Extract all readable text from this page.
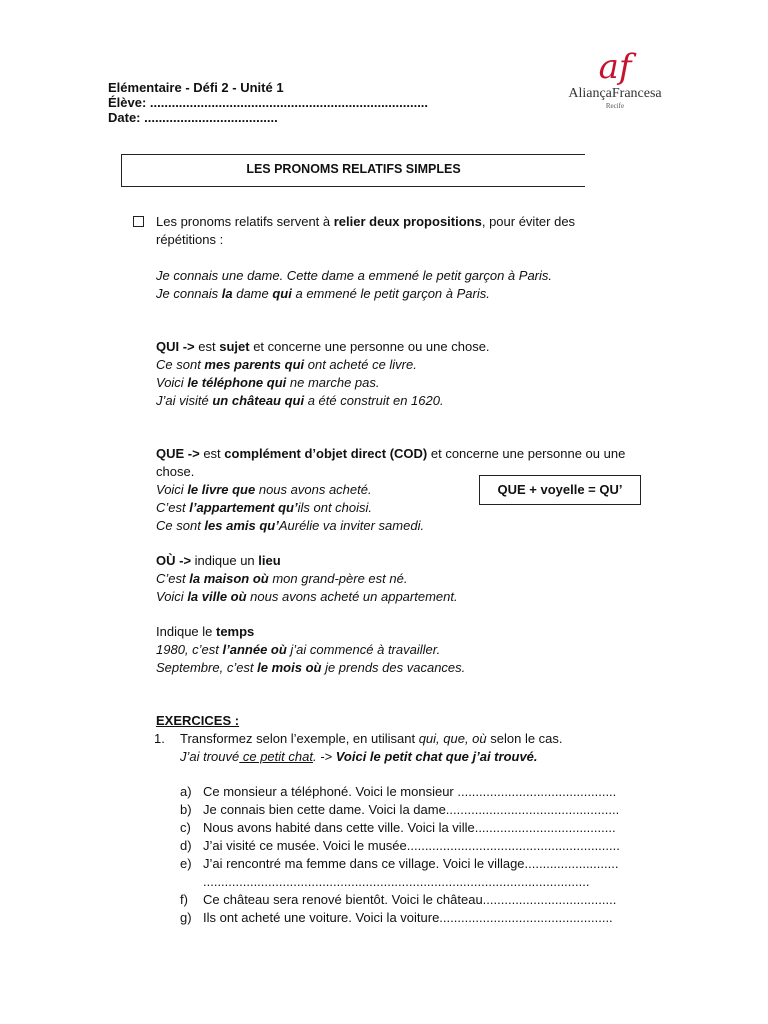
Elémentaire - Défi 2 - Unité 1
Élève: .............................................................................
Date: .....................................
af
AliançaFrancesa
Recife
LES PRONOMS RELATIFS SIMPLES
Les pronoms relatifs servent à relier deux propositions, pour éviter des
répétitions :
Je connais une dame. Cette dame a emmené le petit garçon à Paris.
Je connais la dame qui a emmené le petit garçon à Paris.
QUI -> est sujet et concerne une personne ou une chose.
Ce sont mes parents qui ont acheté ce livre.
Voici le téléphone qui ne marche pas.
J’ai visité un château qui a été construit en 1620.
QUE -> est complément d’objet direct (COD) et concerne une personne ou une
chose.
Voici le livre que nous avons acheté.
C’est l’appartement qu’ils ont choisi.
Ce sont les amis qu’Aurélie va inviter samedi.
QUE + voyelle = QU’
OÙ -> indique un lieu
C’est la maison où mon grand-père est né.
Voici la ville où nous avons acheté un appartement.
Indique le temps
1980, c’est l’année où j’ai commencé à travailler.
Septembre, c’est le mois où je prends des vacances.
EXERCICES :
1. Transformez selon l’exemple, en utilisant qui, que, où selon le cas.
J’ai trouvé ce petit chat. -> Voici le petit chat que j’ai trouvé.
a) Ce monsieur a téléphoné. Voici le monsieur ............................................
b) Je connais bien cette dame. Voici la dame................................................
c) Nous avons habité dans cette ville. Voici la ville.......................................
d) J’ai visité ce musée. Voici le musée...........................................................
e) J’ai rencontré ma femme dans ce village. Voici le village..........................
...........................................................................................................
f)	Ce château sera renové bientôt. Voici le château.....................................
g) Ils ont acheté une voiture. Voici la voiture................................................
